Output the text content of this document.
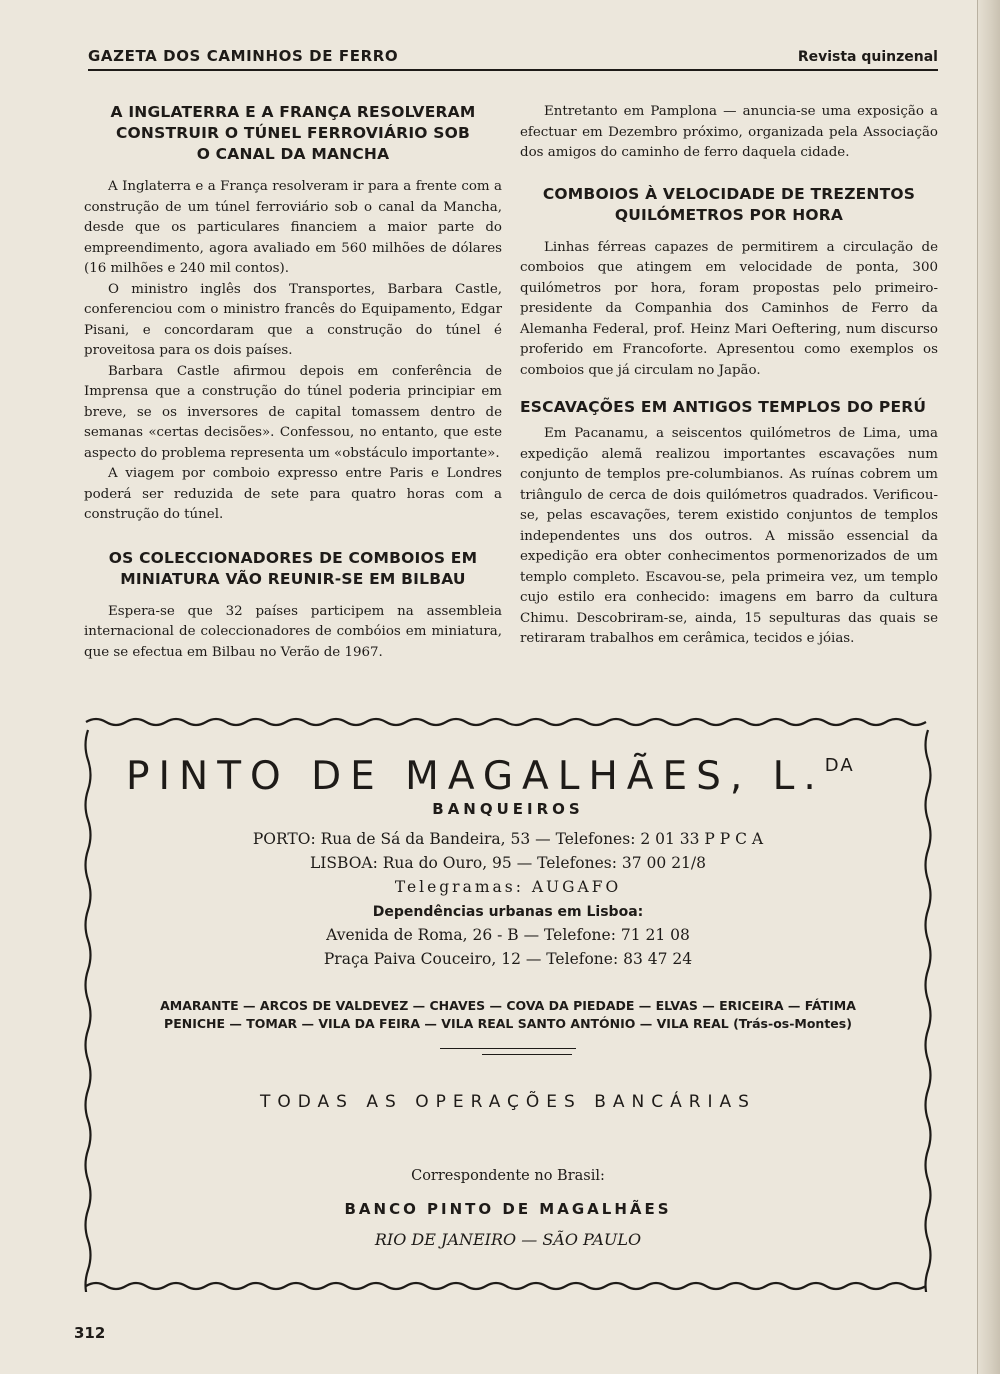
GAZETA DOS CAMINHOS DE FERRO	Revista quinzenal
A INGLATERRA E A FRANÇA RESOLVERAM CONSTRUIR O TÚNEL FERROVIÁRIO SOB O CANAL DA MANCHA

A Inglaterra e a França resolveram ir para a frente com a construção de um túnel ferroviário sob o canal da Mancha, desde que os particulares financiem a maior parte do empreendimento, agora avaliado em 560 milhões de dólares (16 milhões e 240 mil contos).

O ministro inglês dos Transportes, Barbara Castle, conferenciou com o ministro francês do Equipamento, Edgar Pisani, e concordaram que a construção do túnel é proveitosa para os dois países.

Barbara Castle afirmou depois em conferência de Imprensa que a construção do túnel poderia principiar em breve, se os inversores de capital tomassem dentro de semanas «certas decisões». Confessou, no entanto, que este aspecto do problema representa um «obstáculo importante».

A viagem por comboio expresso entre Paris e Londres poderá ser reduzida de sete para quatro horas com a construção do túnel.

OS COLECCIONADORES DE COMBOIOS EM MINIATURA VÃO REUNIR-SE EM BILBAU

Espera-se que 32 países participem na assembleia internacional de coleccionadores de combóios em miniatura, que se efectua em Bilbau no Verão de 1967.

Entretanto em Pamplona — anuncia-se uma exposição a efectuar em Dezembro próximo, organizada pela Associação dos amigos do caminho de ferro daquela cidade.

COMBOIOS À VELOCIDADE DE TREZENTOS QUILÓMETROS POR HORA

Linhas férreas capazes de permitirem a circulação de comboios que atingem em velocidade de ponta, 300 quilómetros por hora, foram propostas pelo primeiro-presidente da Companhia dos Caminhos de Ferro da Alemanha Federal, prof. Heinz Mari Oeftering, num discurso proferido em Francoforte. Apresentou como exemplos os comboios que já circulam no Japão.

ESCAVAÇÕES EM ANTIGOS TEMPLOS DO PERÚ

Em Pacanamu, a seiscentos quilómetros de Lima, uma expedição alemã realizou importantes escavações num conjunto de templos pre-columbianos. As ruínas cobrem um triângulo de cerca de dois quilómetros quadrados. Verificou-se, pelas escavações, terem existido conjuntos de templos independentes uns dos outros. A missão essencial da expedição era obter conhecimentos pormenorizados de um templo completo. Escavou-se, pela primeira vez, um templo cujo estilo era conhecido: imagens em barro da cultura Chimu. Descobriram-se, ainda, 15 sepulturas das quais se retiraram trabalhos em cerâmica, tecidos e jóias.

PINTO DE MAGALHÃES, L.$^{DA}$
BANQUEIROS
PORTO: Rua de Sá da Bandeira, 53 — Telefones: 2 01 33 P P C A
LISBOA: Rua do Ouro, 95 — Telefones: 37 00 21/8
Telegramas: AUGAFO
Dependências urbanas em Lisboa:
Avenida de Roma, 26 - B — Telefone: 71 21 08
Praça Paiva Couceiro, 12 — Telefone: 83 47 24
AMARANTE — ARCOS DE VALDEVEZ — CHAVES — COVA DA PIEDADE — ELVAS — ERICEIRA — FÁTIMA
PENICHE — TOMAR — VILA DA FEIRA — VILA REAL SANTO ANTÓNIO — VILA REAL (Trás-os-Montes)
TODAS AS OPERAÇÕES BANCÁRIAS
Correspondente no Brasil:
BANCO PINTO DE MAGALHÃES
RIO DE JANEIRO — SÃO PAULO
312
